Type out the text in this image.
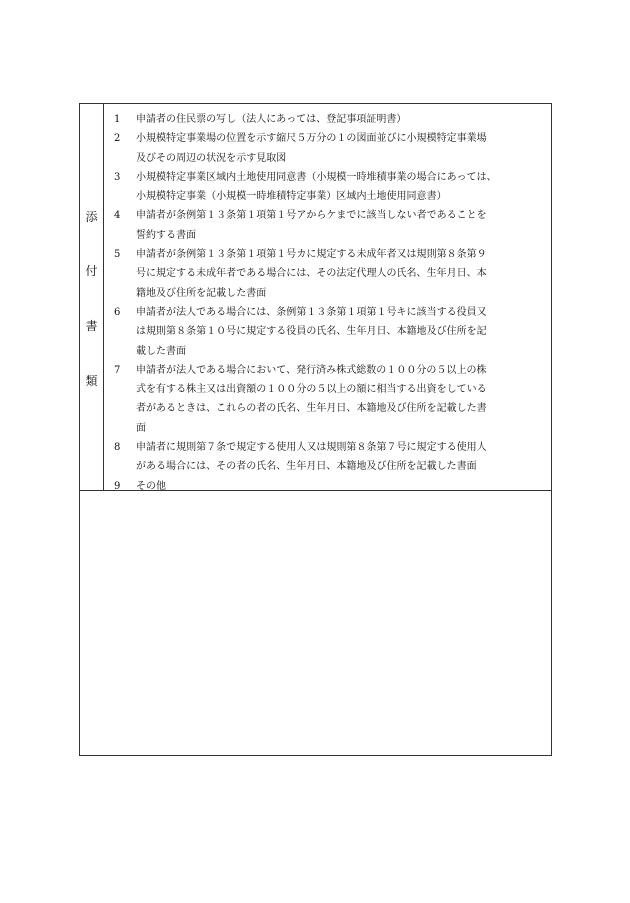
添
付
書
類
1	申請者の住民票の写し（法人にあっては、登記事項証明書）
2	小規模特定事業場の位置を示す縮尺５万分の１の図面並びに小規模特定事業場
及びその周辺の状況を示す見取図
3	小規模特定事業区域内土地使用同意書（小規模一時堆積事業の場合にあっては、
小規模特定事業（小規模一時堆積特定事業）区域内土地使用同意書）
4	申請者が条例第１３条第１項第１号アからケまでに該当しない者であることを
誓約する書面
5	申請者が条例第１３条第１項第１号カに規定する未成年者又は規則第８条第９
号に規定する未成年者である場合には、その法定代理人の氏名、生年月日、本
籍地及び住所を記載した書面
6	申請者が法人である場合には、条例第１３条第１項第１号キに該当する役員又
は規則第８条第１０号に規定する役員の氏名、生年月日、本籍地及び住所を記
載した書面
7	申請者が法人である場合において、発行済み株式総数の１００分の５以上の株
式を有する株主又は出資額の１００分の５以上の額に相当する出資をしている
者があるときは、これらの者の氏名、生年月日、本籍地及び住所を記載した書
面
8	申請者に規則第７条で規定する使用人又は規則第８条第７号に規定する使用人
がある場合には、その者の氏名、生年月日、本籍地及び住所を記載した書面
9	その他
